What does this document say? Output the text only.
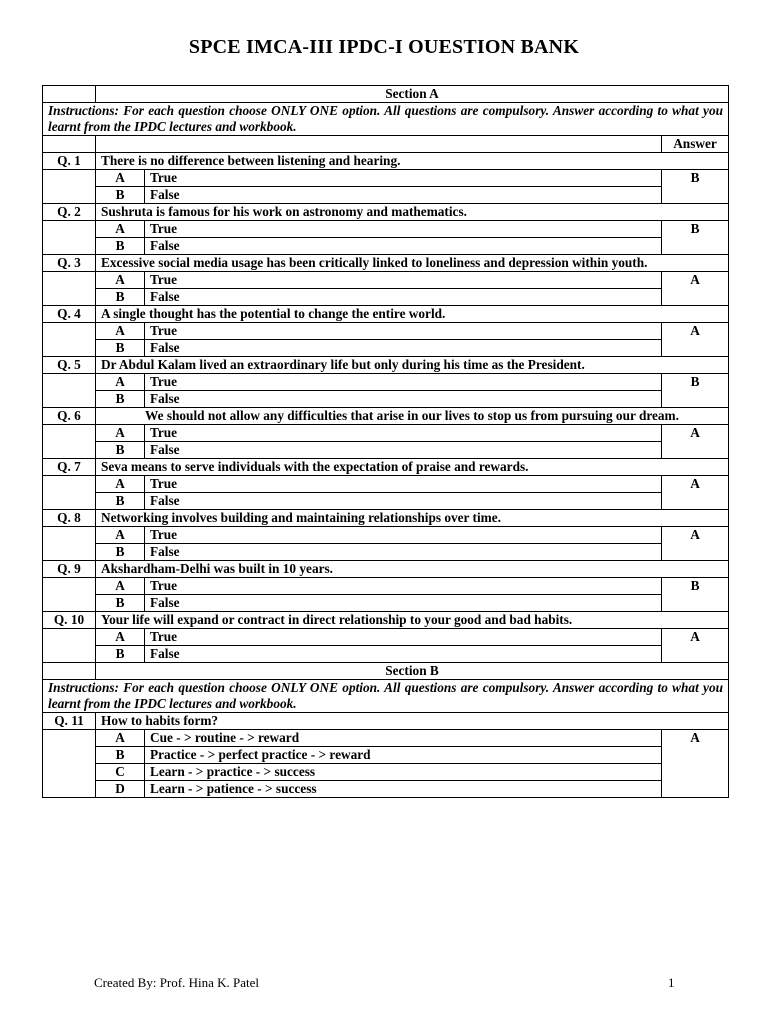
SPCE IMCA-III IPDC-I OUESTION BANK
	Section A		
Instructions: For each question choose ONLY ONE option. All questions are compulsory. Answer according to what you learnt from the IPDC lectures and workbook.			
			Answer
Q. 1	There is no difference between listening and hearing.		
	A	True	B
	B	False	
Q. 2	Sushruta is famous for his work on astronomy and mathematics.		
	A	True	B
	B	False	
Q. 3	Excessive social media usage has been critically linked to loneliness and depression within youth.		
	A	True	A
	B	False	
Q. 4	A single thought has the potential to change the entire world.		
	A	True	A
	B	False	
Q. 5	Dr Abdul Kalam lived an extraordinary life but only during his time as the President.		
	A	True	B
	B	False	
Q. 6	We should not allow any difficulties that arise in our lives to stop us from pursuing our dream.		
	A	True	A
	B	False	
Q. 7	Seva means to serve individuals with the expectation of praise and rewards.		
	A	True	A
	B	False	
Q. 8	Networking involves building and maintaining relationships over time.		
	A	True	A
	B	False	
Q. 9	Akshardham-Delhi was built in 10 years.		
	A	True	B
	B	False	
Q. 10	Your life will expand or contract in direct relationship to your good and bad habits.		
	A	True	A
	B	False	
	Section B		
Instructions: For each question choose ONLY ONE option. All questions are compulsory. Answer according to what you learnt from the IPDC lectures and workbook.			
Q. 11	How to habits form?		
	A	Cue - > routine - > reward	A
	B	Practice - > perfect practice - > reward	
	C	Learn - > practice - > success	
	D	Learn - > patience - > success	
Created By: Prof. Hina K. Patel	1
